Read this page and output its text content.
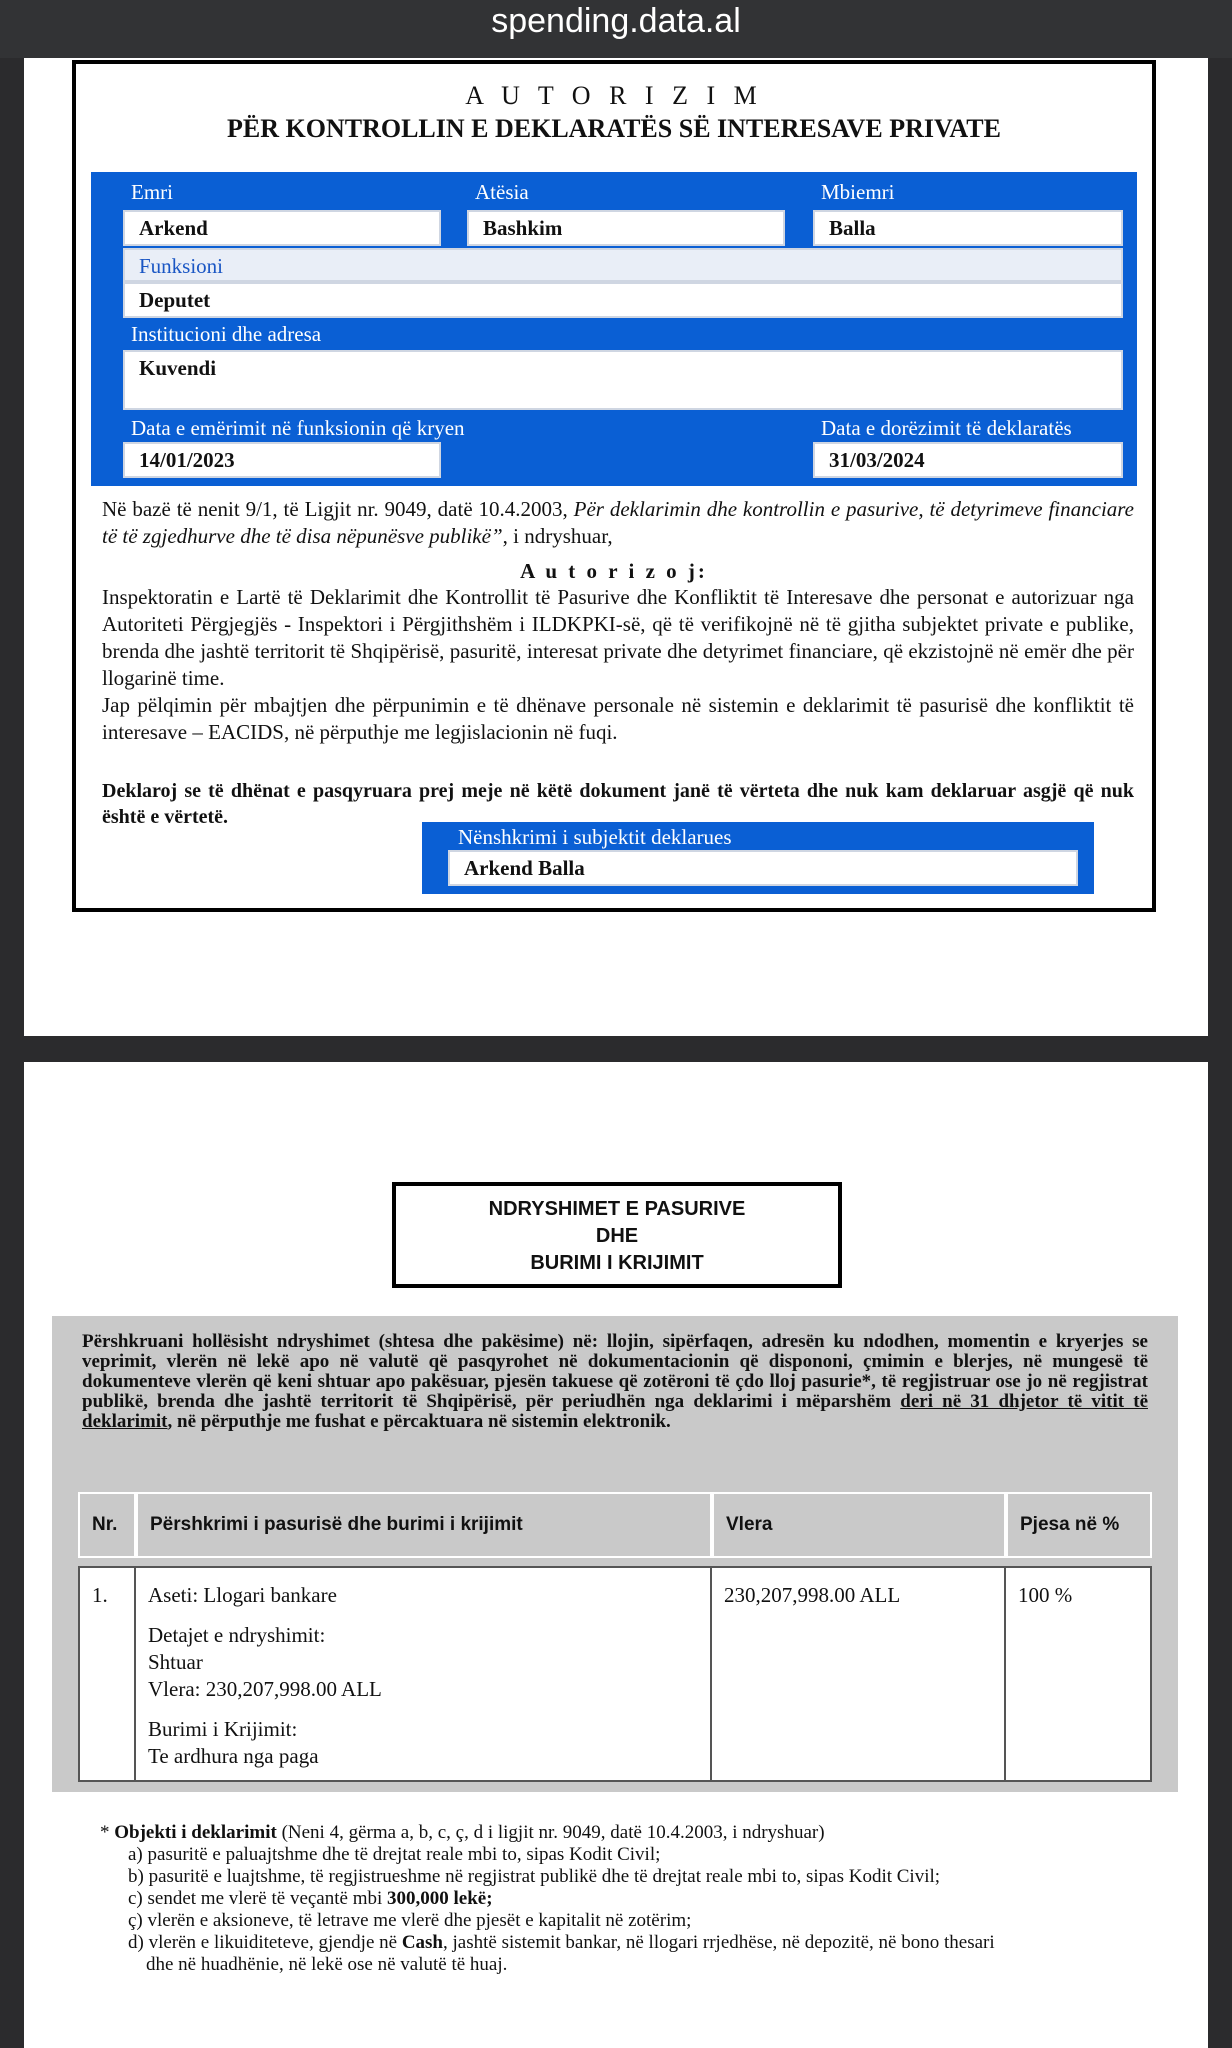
spending.data.al
A U T O R I Z I M
PËR KONTROLLIN E DEKLARATËS SË INTERESAVE PRIVATE
Emri	Atësia	Mbiemri
Arkend	Bashkim	Balla
Funksioni
Deputet
Institucioni dhe adresa
Kuvendi
Data e emërimit në funksionin që kryen	Data e dorëzimit të deklaratës
14/01/2023	31/03/2024
Në bazë të nenit 9/1, të Ligjit nr. 9049, datë 10.4.2003, Për deklarimin dhe kontrollin e pasurive, të detyrimeve financiare të të zgjedhurve dhe të disa nëpunësve publikë”, i ndryshuar,
A u t o r i z o j:
Inspektoratin e Lartë të Deklarimit dhe Kontrollit të Pasurive dhe Konfliktit të Interesave dhe personat e autorizuar nga Autoriteti Përgjegjës - Inspektori i Përgjithshëm i ILDKPKI-së, që të verifikojnë në të gjitha subjektet private e publike, brenda dhe jashtë territorit të Shqipërisë, pasuritë, interesat private dhe detyrimet financiare, që ekzistojnë në emër dhe për llogarinë time.
Jap pëlqimin për mbajtjen dhe përpunimin e të dhënave personale në sistemin e deklarimit të pasurisë dhe konfliktit të interesave – EACIDS, në përputhje me legjislacionin në fuqi.
Deklaroj se të dhënat e pasqyruara prej meje në këtë dokument janë të vërteta dhe nuk kam deklaruar asgjë që nuk është e vërtetë.
Nënshkrimi i subjektit deklarues
Arkend Balla
NDRYSHIMET E PASURIVE
DHE
BURIMI I KRIJIMIT
Përshkruani hollësisht ndryshimet (shtesa dhe pakësime) në: llojin, sipërfaqen, adresën ku ndodhen, momentin e kryerjes se veprimit, vlerën në lekë apo në valutë që pasqyrohet në dokumentacionin që dispononi, çmimin e blerjes, në mungesë të dokumenteve vlerën që keni shtuar apo pakësuar, pjesën takuese që zotëroni të çdo lloj pasurie*, të regjistruar ose jo në regjistrat publikë, brenda dhe jashtë territorit të Shqipërisë, për periudhën nga deklarimi i mëparshëm deri në 31 dhjetor të vitit të deklarimit, në përputhje me fushat e përcaktuara në sistemin elektronik.
Nr.	Përshkrimi i pasurisë dhe burimi i krijimit	Vlera	Pjesa në %
1.	Aseti: Llogari bankare
Detajet e ndryshimit:
Shtuar
Vlera: 230,207,998.00 ALL
Burimi i Krijimit:
Te ardhura nga paga
230,207,998.00 ALL	100 %
* Objekti i deklarimit (Neni 4, gërma a, b, c, ç, d i ligjit nr. 9049, datë 10.4.2003, i ndryshuar)
a) pasuritë e paluajtshme dhe të drejtat reale mbi to, sipas Kodit Civil;
b) pasuritë e luajtshme, të regjistrueshme në regjistrat publikë dhe të drejtat reale mbi to, sipas Kodit Civil;
c) sendet me vlerë të veçantë mbi 300,000 lekë;
ç) vlerën e aksioneve, të letrave me vlerë dhe pjesët e kapitalit në zotërim;
d) vlerën e likuiditeteve, gjendje në Cash, jashtë sistemit bankar, në llogari rrjedhëse, në depozitë, në bono thesari
dhe në huadhënie, në lekë ose në valutë të huaj.
